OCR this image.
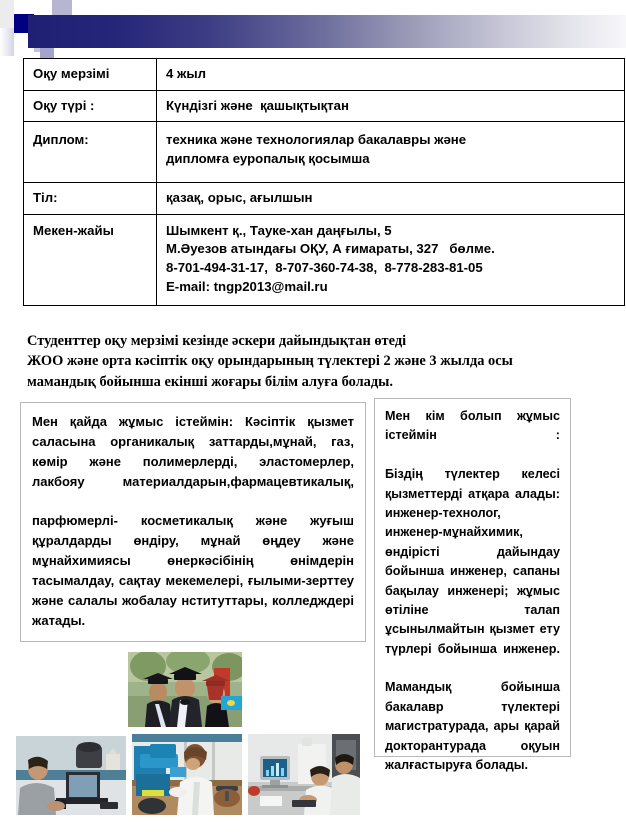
Оқу мерзімі	4 жыл

Оқу түрі :	Күндізгі және  қашықтықтан

Диплом:	техника және технологиялар бакалавры және
дипломға еуропалық қосымша

Тіл:	қазақ, орыс, ағылшын

Мекен-жайы	Шымкент қ., Тауке-хан даңғылы, 5
М.Әуезов атындағы ОҚУ, А ғимараты, 327   бөлме.
8-701-494-31-17,  8-707-360-74-38,  8-778-283-81-05
E-mail: tngp2013@mail.ru
Студенттер оқу мерзімі кезінде әскери дайындықтан өтеді
ЖОО және орта кәсіптік оқу орындарының түлектері 2 және 3 жылда осы
мамандық бойынша екінші жоғары білім алуға болады.

Мен қайда жұмыс істеймін: Кәсіптік қызмет саласына органикалық заттарды,мұнай, газ, көмір және полимерлерді, эластомерлер, лакбояу материалдарын,фармацевтикалық,

парфюмерлі- косметикалық және жуғыш құралдарды өндіру, мұнай өңдеу және мұнайхимиясы өнеркәсібінің өнімдерін тасымалдау, сақтау мекемелері, ғылыми-зерттеу және салалы жобалау нституттары, колледждері жатады.

Мен кім болып жұмыс істеймін :

Біздің түлектер келесі қызметтерді атқара алады: инженер-технолог, инженер-мұнайхимик, өндірісті дайындау бойынша инженер, сапаны бақылау инженері; жұмыс өтіліне талап ұсынылмайтын қызмет ету түрлері бойынша инженер.

Мамандық бойынша бакалавр түлектері магистратурада, ары қарай докторантурада оқуын жалғастыруға болады.
